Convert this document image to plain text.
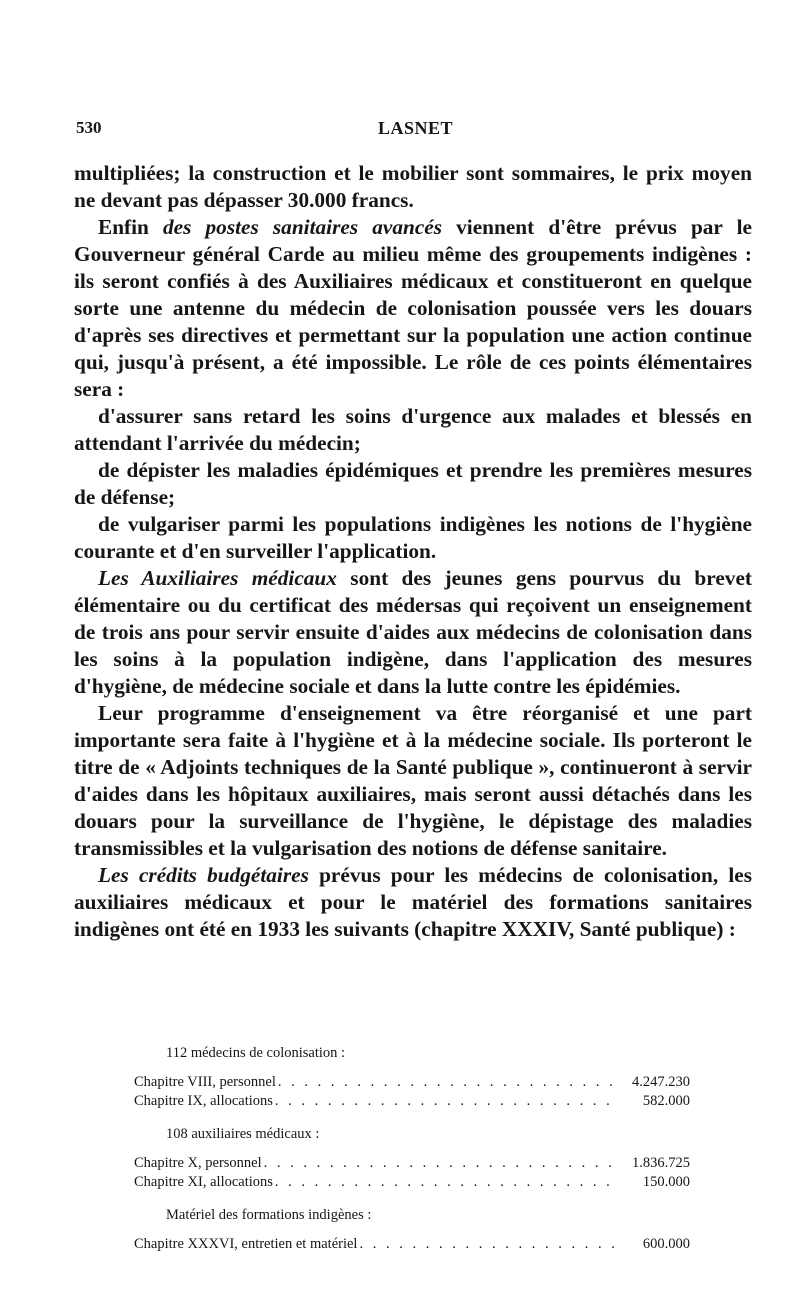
530	LASNET

multipliées; la construction et le mobilier sont sommaires, le prix moyen ne devant pas dépasser 30.000 francs.

Enfin des postes sanitaires avancés viennent d'être prévus par le Gouverneur général Carde au milieu même des groupements indigènes : ils seront confiés à des Auxiliaires médicaux et constitueront en quelque sorte une antenne du médecin de colonisation poussée vers les douars d'après ses directives et permettant sur la population une action continue qui, jusqu'à présent, a été impossible. Le rôle de ces points élémentaires sera :

d'assurer sans retard les soins d'urgence aux malades et blessés en attendant l'arrivée du médecin;

de dépister les maladies épidémiques et prendre les premières mesures de défense;

de vulgariser parmi les populations indigènes les notions de l'hygiène courante et d'en surveiller l'application.

Les Auxiliaires médicaux sont des jeunes gens pourvus du brevet élémentaire ou du certificat des médersas qui reçoivent un enseignement de trois ans pour servir ensuite d'aides aux médecins de colonisation dans les soins à la population indigène, dans l'application des mesures d'hygiène, de médecine sociale et dans la lutte contre les épidémies.

Leur programme d'enseignement va être réorganisé et une part importante sera faite à l'hygiène et à la médecine sociale. Ils porteront le titre de « Adjoints techniques de la Santé publique », continueront à servir d'aides dans les hôpitaux auxiliaires, mais seront aussi détachés dans les douars pour la surveillance de l'hygiène, le dépistage des maladies transmissibles et la vulgarisation des notions de défense sanitaire.

Les crédits budgétaires prévus pour les médecins de colonisation, les auxiliaires médicaux et pour le matériel des formations sanitaires indigènes ont été en 1933 les suivants (chapitre XXXIV, Santé publique) :

112 médecins de colonisation :
Chapitre VIII, personnel . . .	4.247.230
Chapitre IX, allocations . . .	582.000
108 auxiliaires médicaux :
Chapitre X, personnel . . .	1.836.725
Chapitre XI, allocations . . .	150.000
Matériel des formations indigènes :
Chapitre XXXVI, entretien et matériel . . .	600.000
